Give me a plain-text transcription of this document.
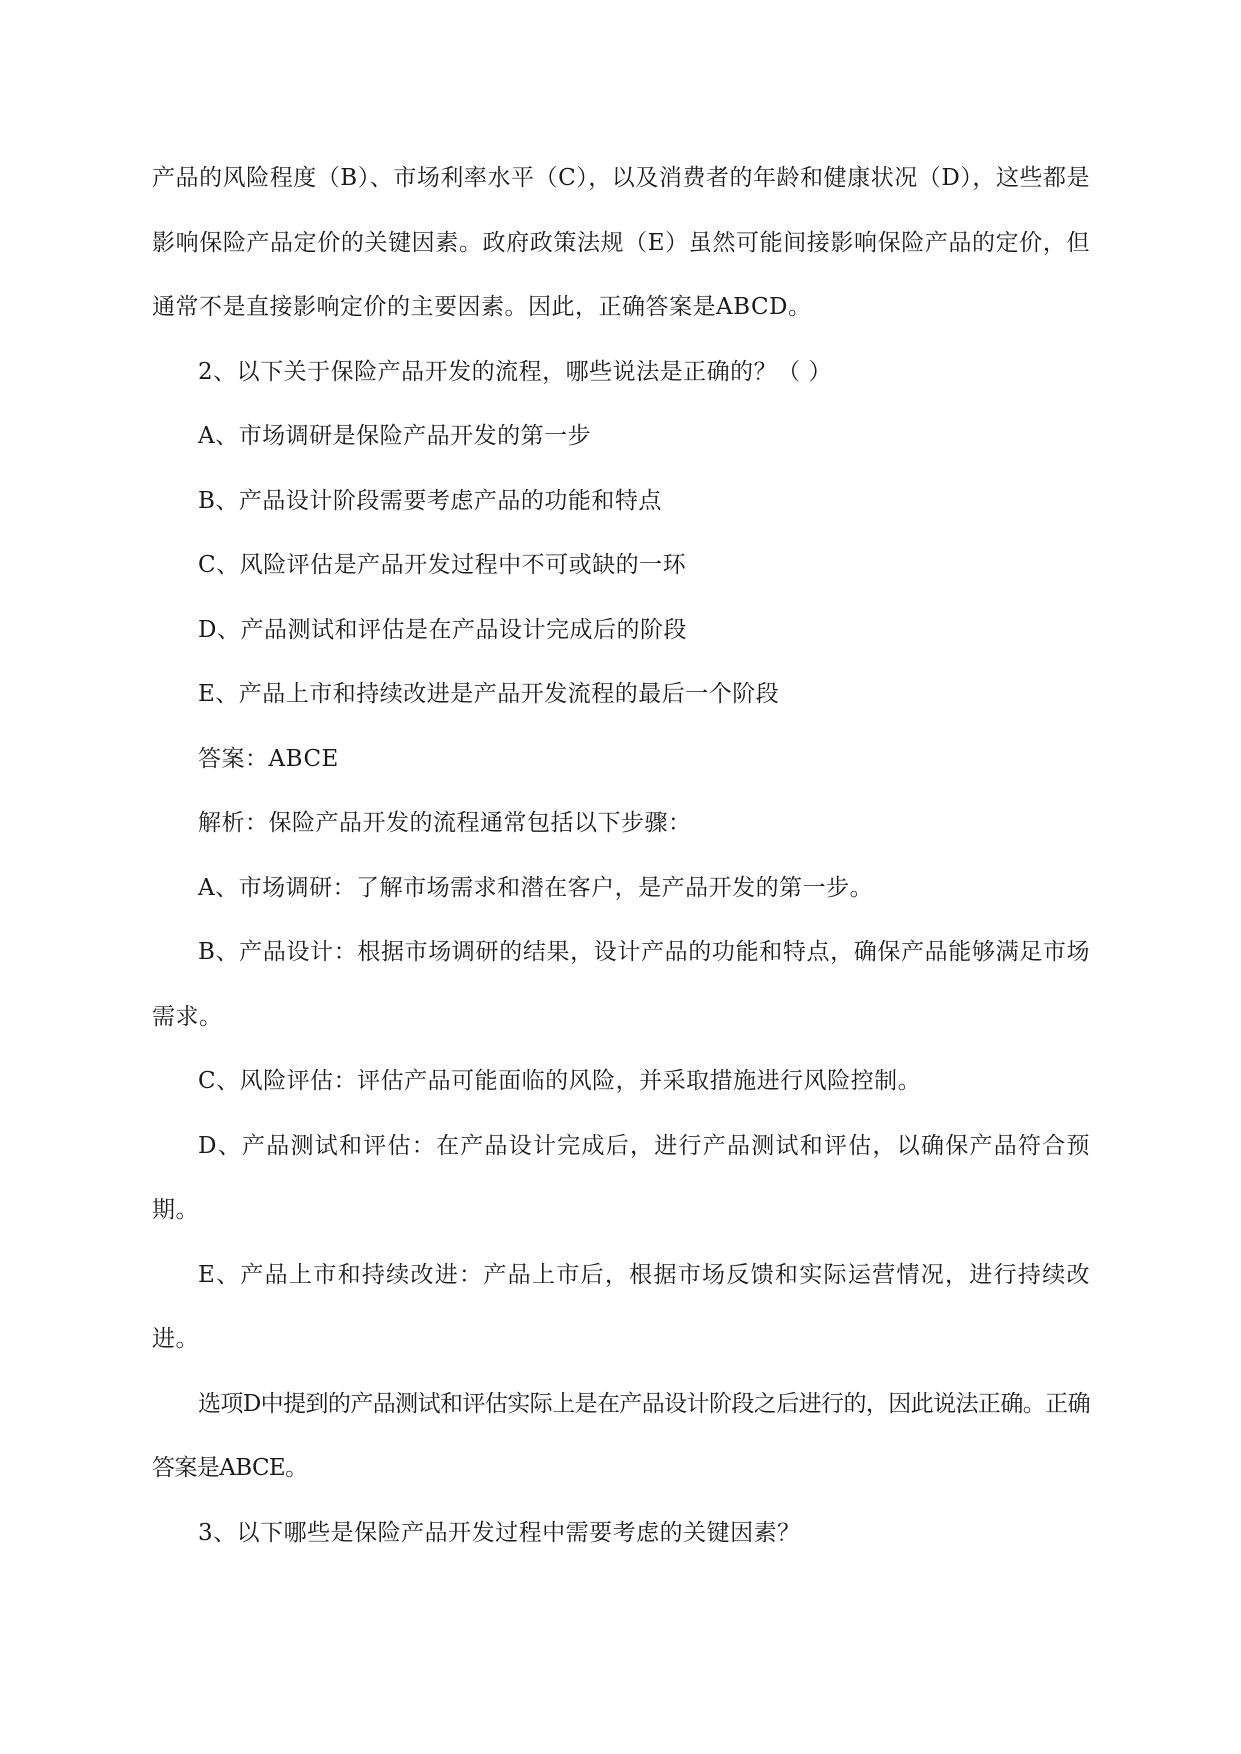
产品的风险程度（B）、市场利率水平（C），以及消费者的年龄和健康状况（D），这些都是影响保险产品定价的关键因素。政府政策法规（E）虽然可能间接影响保险产品的定价，但通常不是直接影响定价的主要因素。因此，正确答案是ABCD。

2、以下关于保险产品开发的流程，哪些说法是正确的？（ ）

A、市场调研是保险产品开发的第一步

B、产品设计阶段需要考虑产品的功能和特点

C、风险评估是产品开发过程中不可或缺的一环

D、产品测试和评估是在产品设计完成后的阶段

E、产品上市和持续改进是产品开发流程的最后一个阶段

答案：ABCE

解析：保险产品开发的流程通常包括以下步骤：

A、市场调研：了解市场需求和潜在客户，是产品开发的第一步。

B、产品设计：根据市场调研的结果，设计产品的功能和特点，确保产品能够满足市场需求。

C、风险评估：评估产品可能面临的风险，并采取措施进行风险控制。

D、产品测试和评估：在产品设计完成后，进行产品测试和评估，以确保产品符合预期。

E、产品上市和持续改进：产品上市后，根据市场反馈和实际运营情况，进行持续改进。

选项D中提到的产品测试和评估实际上是在产品设计阶段之后进行的，因此说法正确。正确答案是ABCE。

3、以下哪些是保险产品开发过程中需要考虑的关键因素？
